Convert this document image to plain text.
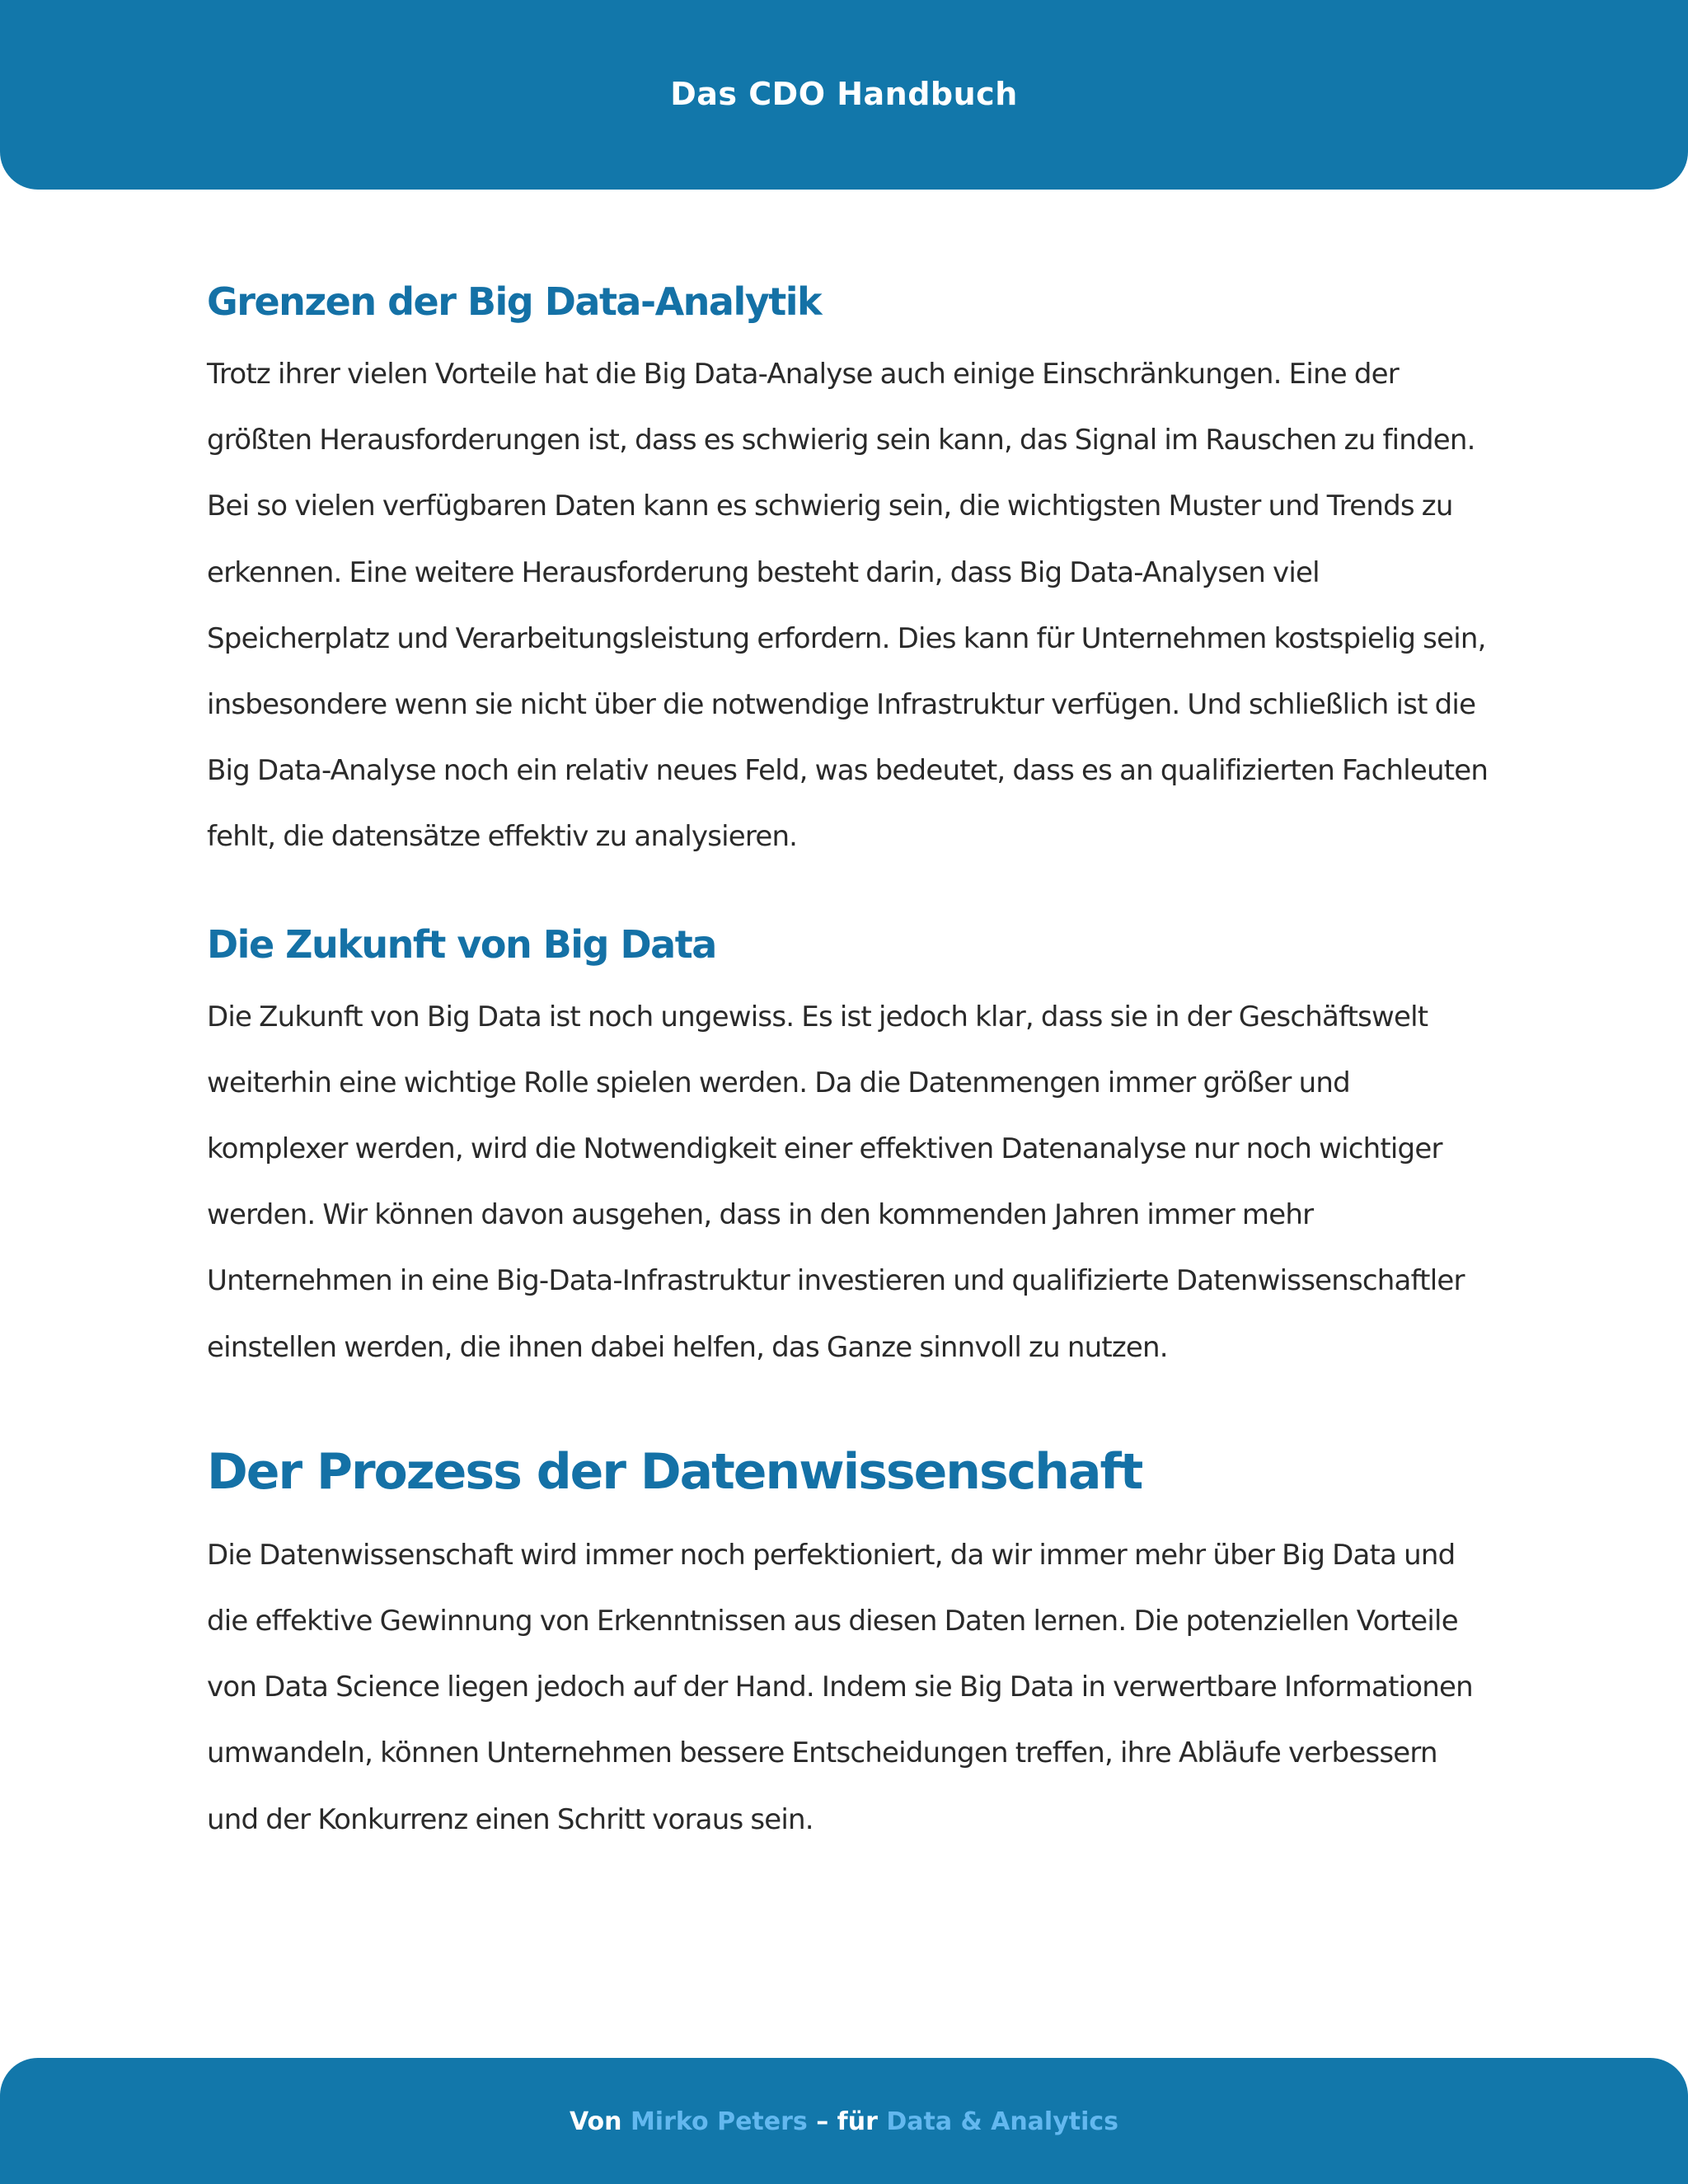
Das CDO Handbuch
Grenzen der Big Data-Analytik

Trotz ihrer vielen Vorteile hat die Big Data-Analyse auch einige Einschränkungen. Eine der größten Herausforderungen ist, dass es schwierig sein kann, das Signal im Rauschen zu finden. Bei so vielen verfügbaren Daten kann es schwierig sein, die wichtigsten Muster und Trends zu erkennen. Eine weitere Herausforderung besteht darin, dass Big Data-Analysen viel Speicherplatz und Verarbeitungsleistung erfordern. Dies kann für Unternehmen kostspielig sein, insbesondere wenn sie nicht über die notwendige Infrastruktur verfügen. Und schließlich ist die Big Data-Analyse noch ein relativ neues Feld, was bedeutet, dass es an qualifizierten Fachleuten fehlt, die datensätze effektiv zu analysieren.

Die Zukunft von Big Data

Die Zukunft von Big Data ist noch ungewiss. Es ist jedoch klar, dass sie in der Geschäftswelt weiterhin eine wichtige Rolle spielen werden. Da die Datenmengen immer größer und komplexer werden, wird die Notwendigkeit einer effektiven Datenanalyse nur noch wichtiger werden. Wir können davon ausgehen, dass in den kommenden Jahren immer mehr Unternehmen in eine Big-Data-Infrastruktur investieren und qualifizierte Datenwissenschaftler einstellen werden, die ihnen dabei helfen, das Ganze sinnvoll zu nutzen.

Der Prozess der Datenwissenschaft

Die Datenwissenschaft wird immer noch perfektioniert, da wir immer mehr über Big Data und die effektive Gewinnung von Erkenntnissen aus diesen Daten lernen. Die potenziellen Vorteile von Data Science liegen jedoch auf der Hand. Indem sie Big Data in verwertbare Informationen umwandeln, können Unternehmen bessere Entscheidungen treffen, ihre Abläufe verbessern und der Konkurrenz einen Schritt voraus sein.

Von Mirko Peters – für Data & Analytics
